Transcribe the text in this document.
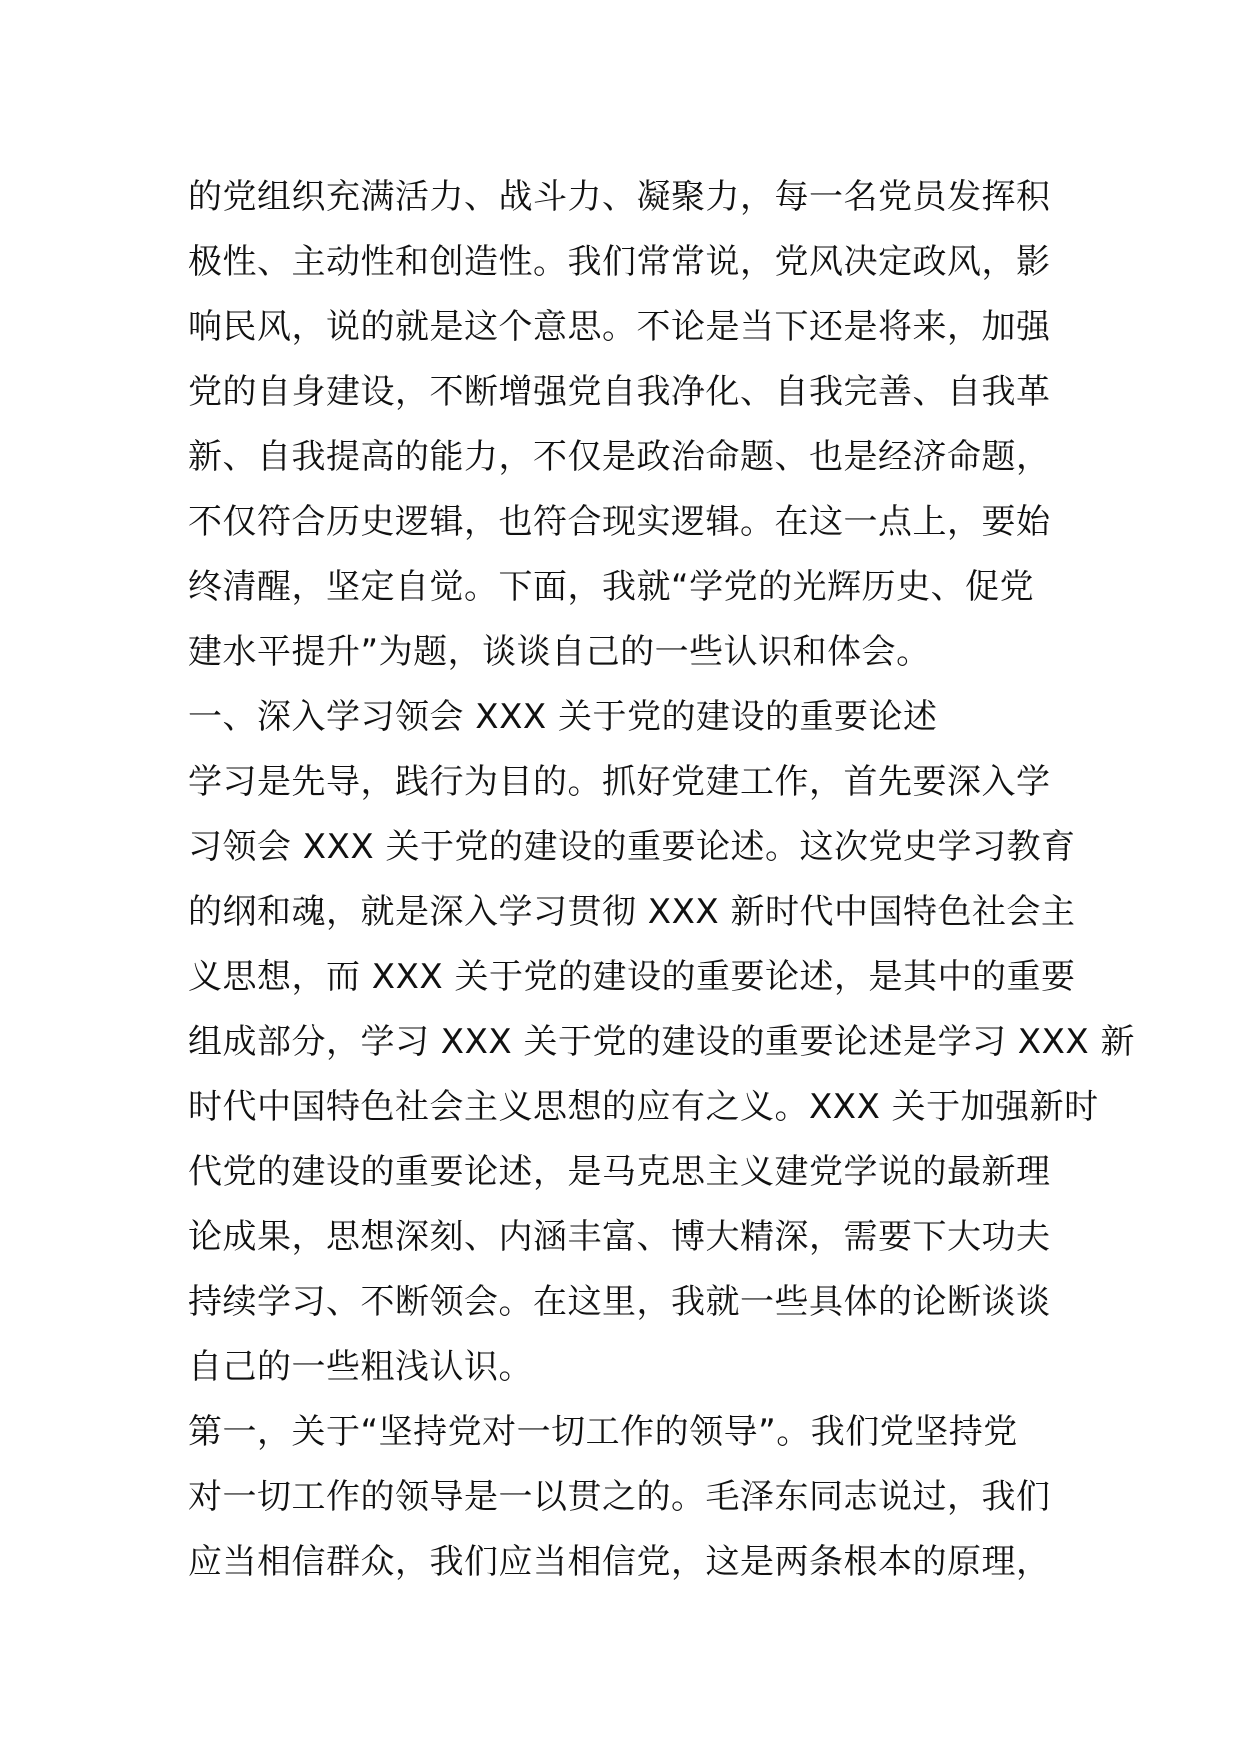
的党组织充满活力、战斗力、凝聚力，每一名党员发挥积
极性、主动性和创造性。我们常常说，党风决定政风，影
响民风，说的就是这个意思。不论是当下还是将来，加强
党的自身建设，不断增强党自我净化、自我完善、自我革
新、自我提高的能力，不仅是政治命题、也是经济命题，
不仅符合历史逻辑，也符合现实逻辑。在这一点上，要始
终清醒，坚定自觉。下面，我就“学党的光辉历史、促党
建水平提升”为题，谈谈自己的一些认识和体会。
一、深入学习领会 XXX 关于党的建设的重要论述
学习是先导，践行为目的。抓好党建工作，首先要深入学
习领会 XXX 关于党的建设的重要论述。这次党史学习教育
的纲和魂，就是深入学习贯彻 XXX 新时代中国特色社会主
义思想，而 XXX 关于党的建设的重要论述，是其中的重要
组成部分，学习 XXX 关于党的建设的重要论述是学习 XXX 新
时代中国特色社会主义思想的应有之义。XXX 关于加强新时
代党的建设的重要论述，是马克思主义建党学说的最新理
论成果，思想深刻、内涵丰富、博大精深，需要下大功夫
持续学习、不断领会。在这里，我就一些具体的论断谈谈
自己的一些粗浅认识。
第一，关于“坚持党对一切工作的领导”。我们党坚持党
对一切工作的领导是一以贯之的。毛泽东同志说过，我们
应当相信群众，我们应当相信党，这是两条根本的原理，
